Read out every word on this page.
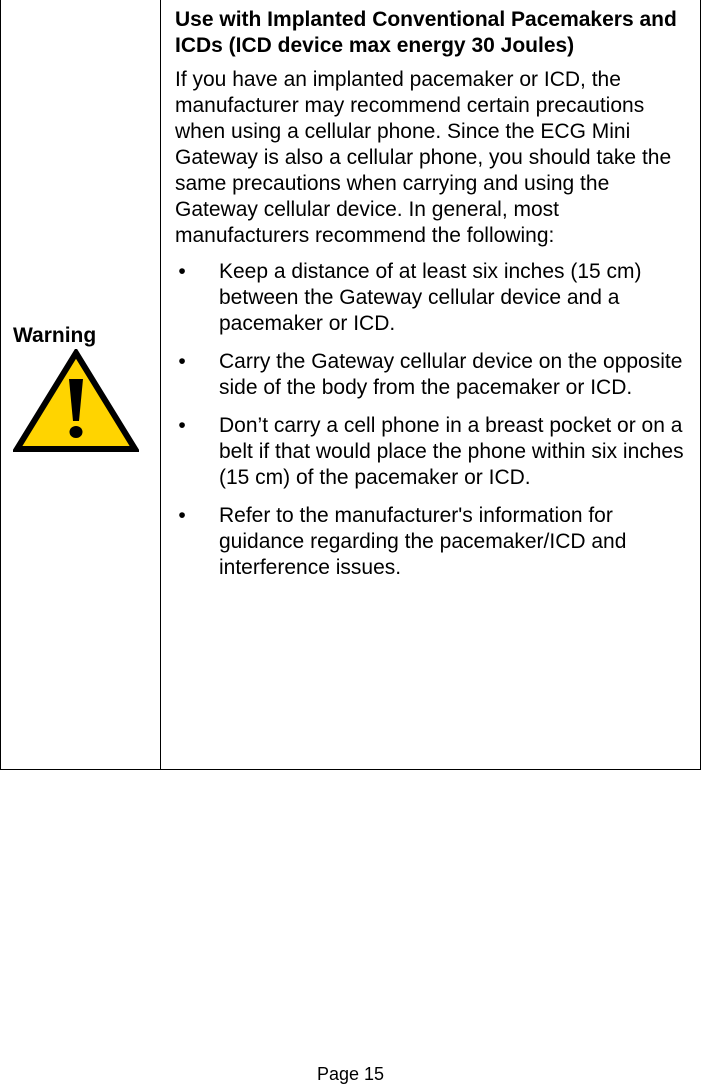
Warning

Use with Implanted Conventional Pacemakers and ICDs (ICD device max energy 30 Joules)

If you have an implanted pacemaker or ICD, the manufacturer may recommend certain precautions when using a cellular phone. Since the ECG Mini Gateway is also a cellular phone, you should take the same precautions when carrying and using the Gateway cellular device. In general, most manufacturers recommend the following:

• Keep a distance of at least six inches (15 cm) between the Gateway cellular device and a pacemaker or ICD.
• Carry the Gateway cellular device on the opposite side of the body from the pacemaker or ICD.
• Don’t carry a cell phone in a breast pocket or on a belt if that would place the phone within six inches (15 cm) of the pacemaker or ICD.
• Refer to the manufacturer's information for guidance regarding the pacemaker/ICD and interference issues.
Page 15
